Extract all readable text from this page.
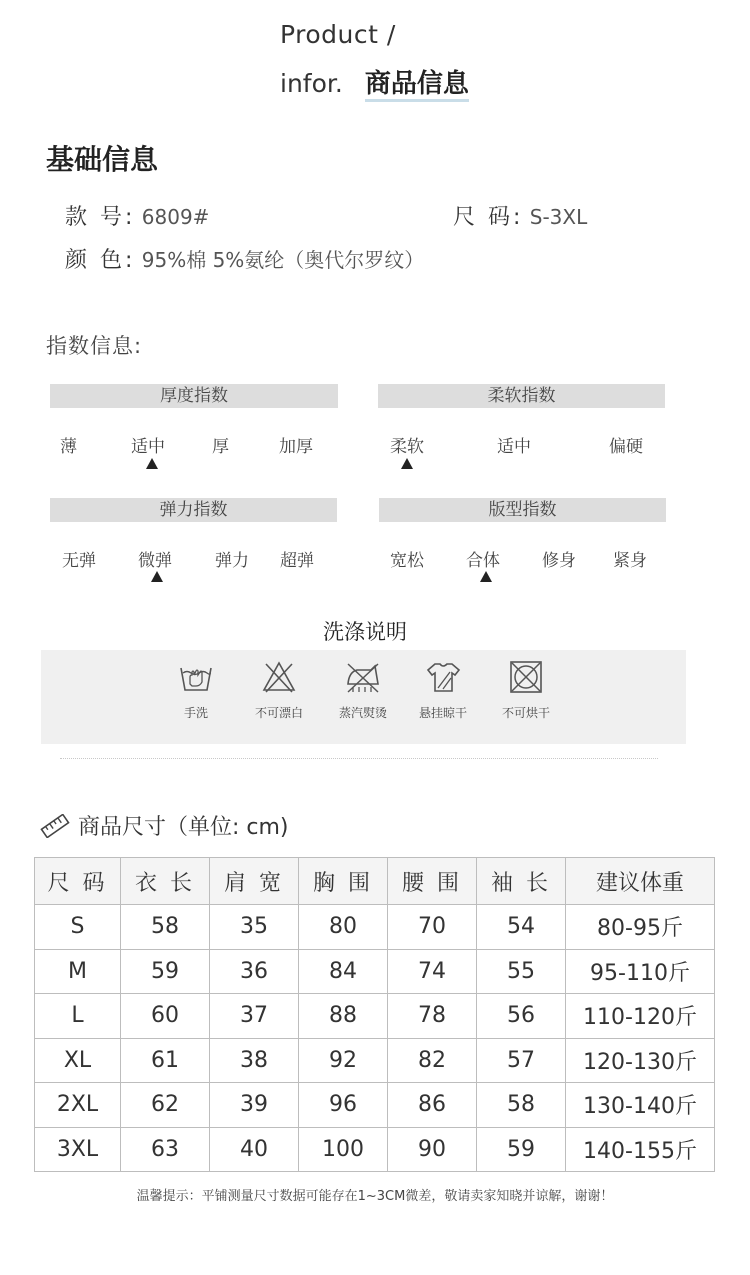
Product /
infor. 商品信息
基础信息
款 号: 6809#	尺 码: S-3XL
颜 色: 95%棉 5%氨纶（奥代尔罗纹）
指数信息:
厚度指数
薄	适中	厚	加厚
柔软指数
柔软	适中	偏硬
弹力指数
无弹 微弹	弹力 超弹
版型指数
宽松 合体 修身 紧身
洗涤说明
手洗	不可漂白	蒸汽熨烫	悬挂晾干	不可烘干
商品尺寸（单位: cm)
尺 码	衣 长	肩 宽	胸 围	腰 围	袖 长	建议体重
S	58	35	80	70	54	80-95斤
M	59	36	84	74	55	95-110斤
L	60	37	88	78	56	110-120斤
XL	61	38	92	82	57	120-130斤
2XL	62	39	96	86	58	130-140斤
3XL	63	40	100	90	59	140-155斤
温馨提示：平铺测量尺寸数据可能存在1~3CM微差，敬请卖家知晓并谅解，谢谢！
